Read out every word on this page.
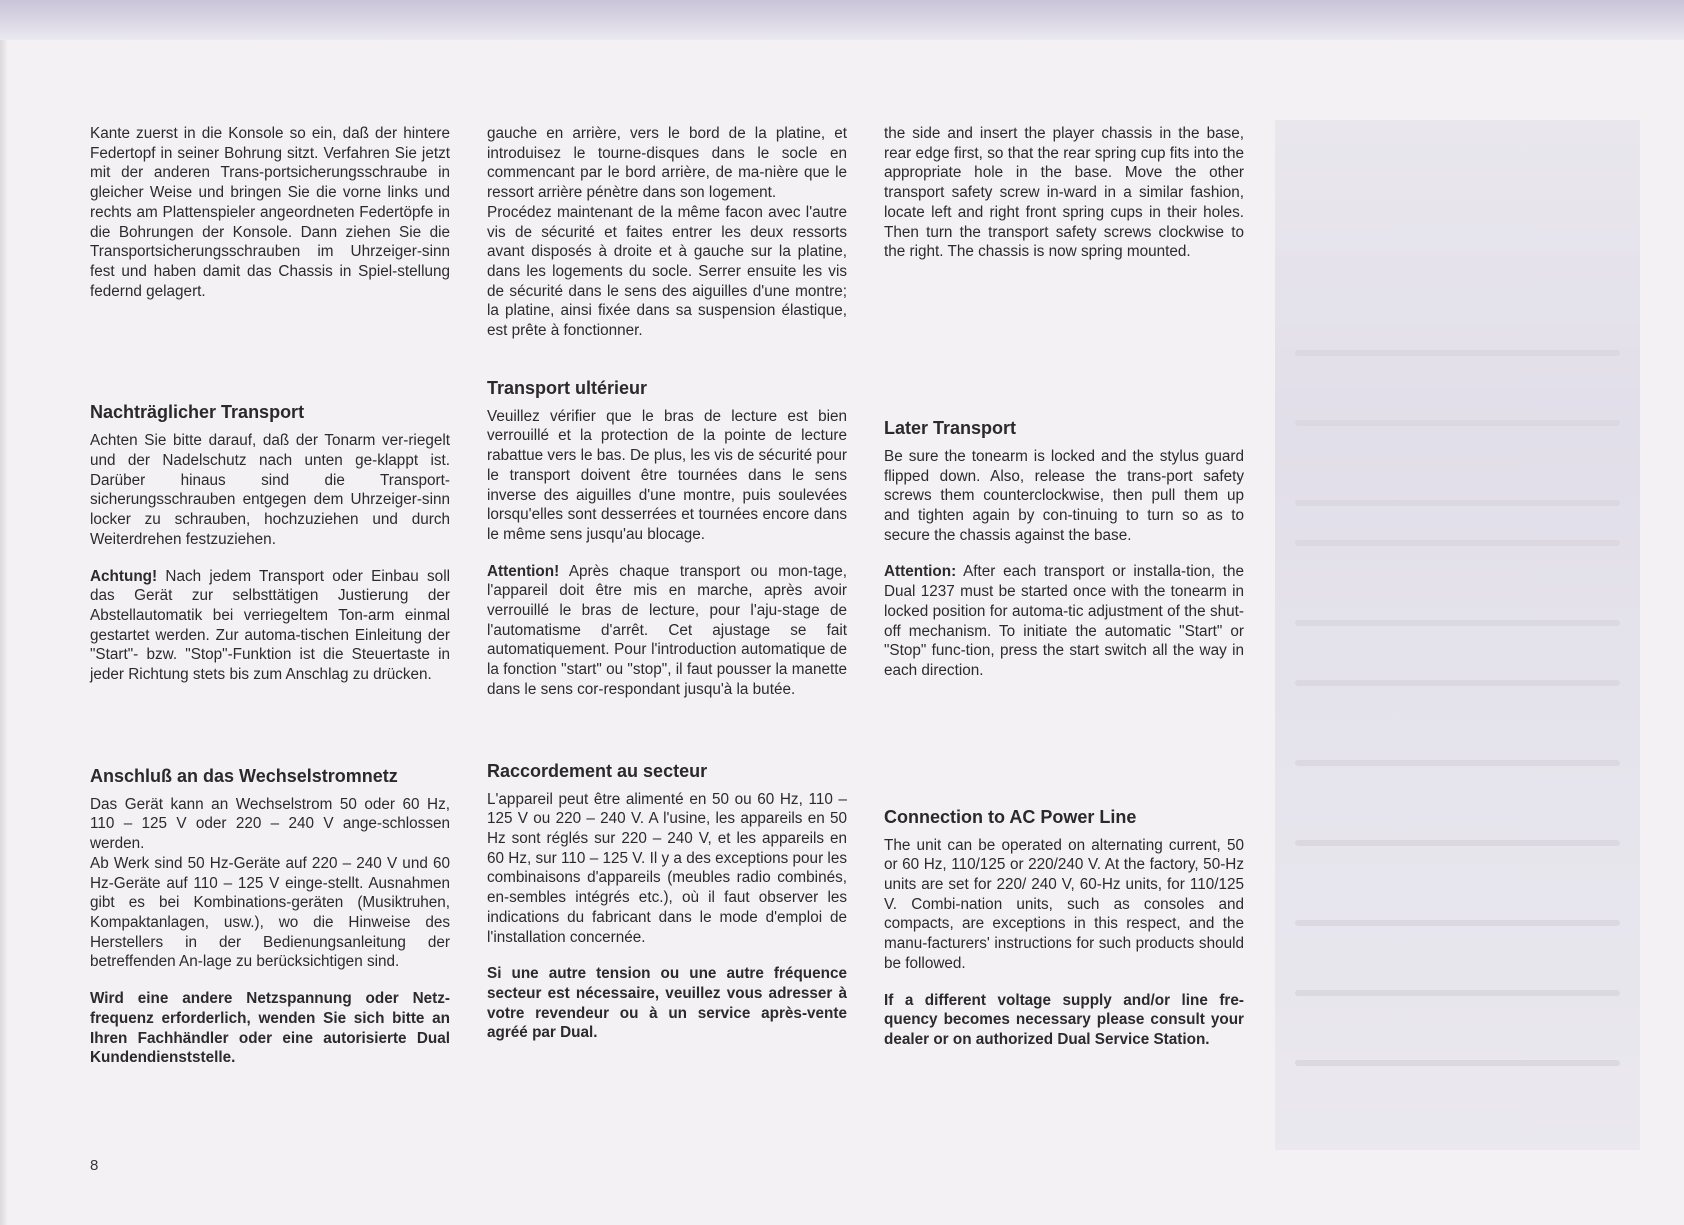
Kante zuerst in die Konsole so ein, daß der hintere Federtopf in seiner Bohrung sitzt. Verfahren Sie jetzt mit der anderen Trans-portsicherungsschraube in gleicher Weise und bringen Sie die vorne links und rechts am Plattenspieler angeordneten Federtöpfe in die Bohrungen der Konsole. Dann ziehen Sie die Transportsicherungsschrauben im Uhrzeiger-sinn fest und haben damit das Chassis in Spiel-stellung federnd gelagert.

Nachträglicher Transport

Achten Sie bitte darauf, daß der Tonarm ver-riegelt und der Nadelschutz nach unten ge-klappt ist. Darüber hinaus sind die Transport-sicherungsschrauben entgegen dem Uhrzeiger-sinn locker zu schrauben, hochzuziehen und durch Weiterdrehen festzuziehen.

Achtung! Nach jedem Transport oder Einbau soll das Gerät zur selbsttätigen Justierung der Abstellautomatik bei verriegeltem Ton-arm einmal gestartet werden. Zur automa-tischen Einleitung der "Start"- bzw. "Stop"-Funktion ist die Steuertaste in jeder Richtung stets bis zum Anschlag zu drücken.

Anschluß an das Wechselstromnetz

Das Gerät kann an Wechselstrom 50 oder 60 Hz, 110 – 125 V oder 220 – 240 V ange-schlossen werden.

Ab Werk sind 50 Hz-Geräte auf 220 – 240 V und 60 Hz-Geräte auf 110 – 125 V einge-stellt. Ausnahmen gibt es bei Kombinations-geräten (Musiktruhen, Kompaktanlagen, usw.), wo die Hinweise des Herstellers in der Bedienungsanleitung der betreffenden An-lage zu berücksichtigen sind.

Wird eine andere Netzspannung oder Netz-frequenz erforderlich, wenden Sie sich bitte an Ihren Fachhändler oder eine autorisierte Dual Kundendienststelle.

gauche en arrière, vers le bord de la platine, et introduisez le tourne-disques dans le socle en commencant par le bord arrière, de ma-nière que le ressort arrière pénètre dans son logement.

Procédez maintenant de la même facon avec l'autre vis de sécurité et faites entrer les deux ressorts avant disposés à droite et à gauche sur la platine, dans les logements du socle. Serrer ensuite les vis de sécurité dans le sens des aiguilles d'une montre; la platine, ainsi fixée dans sa suspension élastique, est prête à fonctionner.

Transport ultérieur

Veuillez vérifier que le bras de lecture est bien verrouillé et la protection de la pointe de lecture rabattue vers le bas. De plus, les vis de sécurité pour le transport doivent être tournées dans le sens inverse des aiguilles d'une montre, puis soulevées lorsqu'elles sont desserrées et tournées encore dans le même sens jusqu'au blocage.

Attention! Après chaque transport ou mon-tage, l'appareil doit être mis en marche, après avoir verrouillé le bras de lecture, pour l'aju-stage de l'automatisme d'arrêt. Cet ajustage se fait automatiquement. Pour l'introduction automatique de la fonction "start" ou "stop", il faut pousser la manette dans le sens cor-respondant jusqu'à la butée.

Raccordement au secteur

L'appareil peut être alimenté en 50 ou 60 Hz, 110 – 125 V ou 220 – 240 V. A l'usine, les appareils en 50 Hz sont réglés sur 220 – 240 V, et les appareils en 60 Hz, sur 110 – 125 V. Il y a des exceptions pour les combinaisons d'appareils (meubles radio combinés, en-sembles intégrés etc.), où il faut observer les indications du fabricant dans le mode d'emploi de l'installation concernée.

Si une autre tension ou une autre fréquence secteur est nécessaire, veuillez vous adresser à votre revendeur ou à un service après-vente agréé par Dual.

the side and insert the player chassis in the base, rear edge first, so that the rear spring cup fits into the appropriate hole in the base. Move the other transport safety screw in-ward in a similar fashion, locate left and right front spring cups in their holes. Then turn the transport safety screws clockwise to the right. The chassis is now spring mounted.

Later Transport

Be sure the tonearm is locked and the stylus guard flipped down. Also, release the trans-port safety screws them counterclockwise, then pull them up and tighten again by con-tinuing to turn so as to secure the chassis against the base.

Attention: After each transport or installa-tion, the Dual 1237 must be started once with the tonearm in locked position for automa-tic adjustment of the shut-off mechanism. To initiate the automatic "Start" or "Stop" func-tion, press the start switch all the way in each direction.

Connection to AC Power Line

The unit can be operated on alternating current, 50 or 60 Hz, 110/125 or 220/240 V. At the factory, 50-Hz units are set for 220/ 240 V, 60-Hz units, for 110/125 V. Combi-nation units, such as consoles and compacts, are exceptions in this respect, and the manu-facturers' instructions for such products should be followed.

If a different voltage supply and/or line fre-quency becomes necessary please consult your dealer or on authorized Dual Service Station.

8
